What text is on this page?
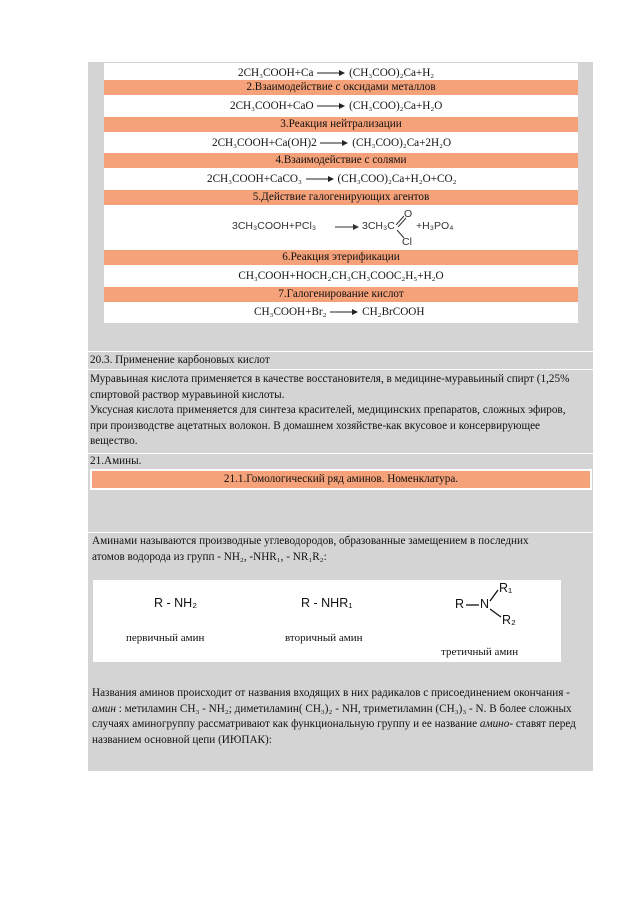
2CH₃COOH+Ca	(CH₃COO)₂Ca+H₂
2.Взаимодействие с оксидами металлов
2CH₃COOH+CaO	(CH₃COO)₂Ca+H₂O
3.Реакция нейтрализации
2CH₃COOH+Ca(OH)2	(CH₃COO)₂Ca+2H₂O
4.Взаимодействие с солями
2CH₃COOH+CaCO₃	(CH₃COO)₂Ca+H₂O+CO₂
5.Действие галогенирующих агентов
3CH₃COOH+PCl₃	3CH₃C
O
Cl
+H₃PO₄
6.Реакция этерификации
CH₃COOH+HOCH₂CH₃CH₃COOC₂H₅+H₂O
7.Галогенирование кислот
CH₃COOH+Br₂	CH₂BrCOOH
20.3. Применение карбоновых кислот
Муравьиная кислота применяется в качестве восстановителя, в медицине-муравьиный спирт (1,25% спиртовой раствор муравьиной кислоты.
Уксусная кислота применяется для синтеза красителей, медицинских препаратов, сложных эфиров, при производстве ацетатных волокон. В домашнем хозяйстве-как вкусовое и консервирующее вещество.
21.Амины.
21.1.Гомологический ряд аминов. Номенклатура.
Аминами называются производные углеводородов, образованные замещением в последних атомов водорода из групп - NH₂, -NHR₁, - NR₁R₂:
R - NH₂
первичный амин
R - NHR₁
вторичный амин
R N
R₁
R₂
третичный амин
Названия аминов происходит от названия входящих в них радикалов с присоединением окончания - амин : метиламин CH₃ - NH₂; диметиламин( CH₃)₂ - NH, триметиламин (CH₃)₃ - N. В более сложных случаях аминогруппу рассматривают как функциональную группу и ее название амино- ставят перед названием основной цепи (ИЮПАК):
